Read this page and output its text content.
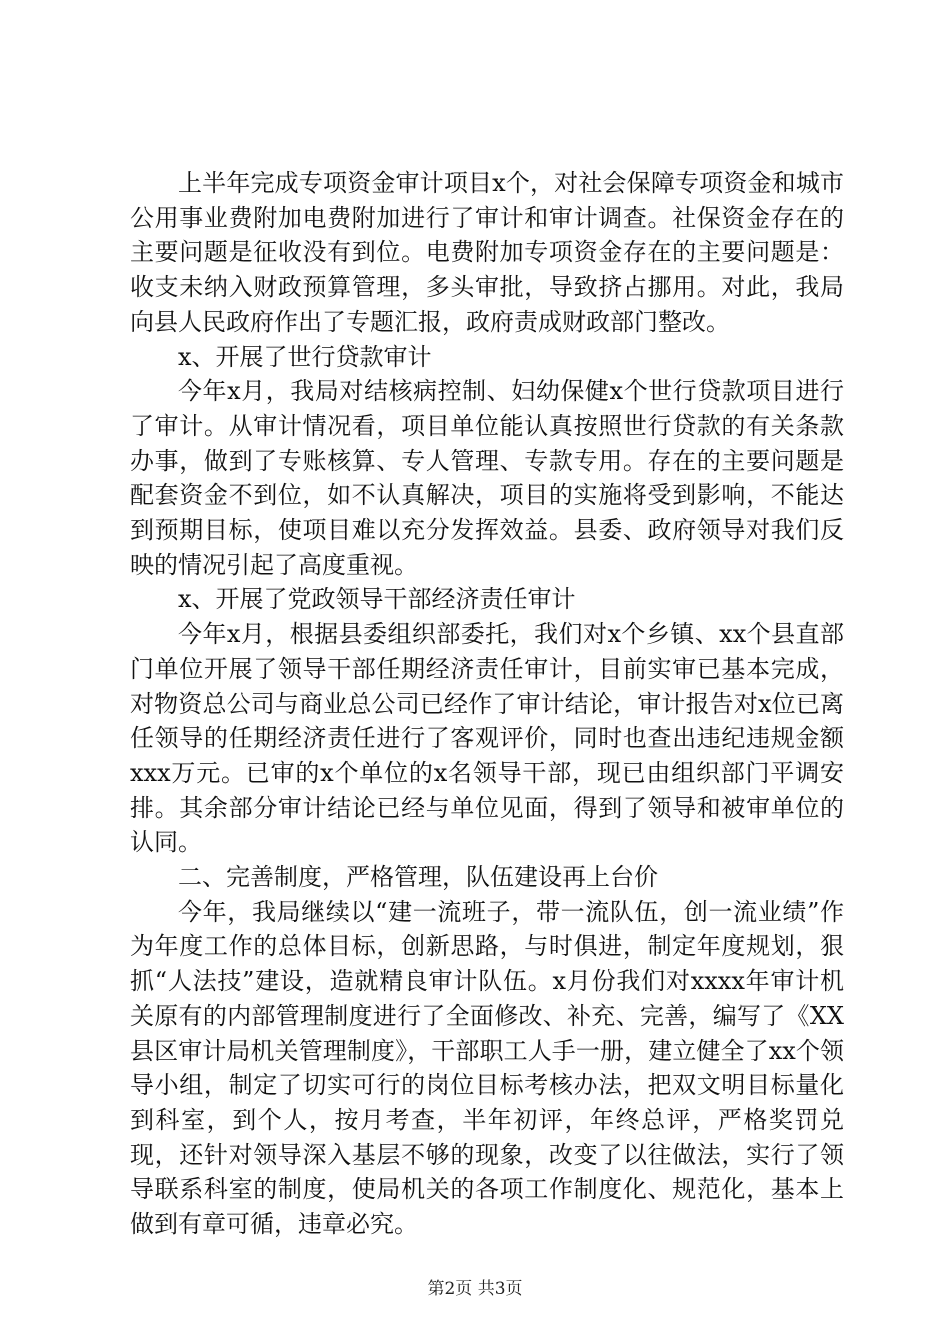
上半年完成专项资金审计项目x个，对社会保障专项资金和城市公用事业费附加电费附加进行了审计和审计调查。社保资金存在的主要问题是征收没有到位。电费附加专项资金存在的主要问题是：收支未纳入财政预算管理，多头审批，导致挤占挪用。对此，我局向县人民政府作出了专题汇报，政府责成财政部门整改。

x、开展了世行贷款审计

今年x月，我局对结核病控制、妇幼保健x个世行贷款项目进行了审计。从审计情况看，项目单位能认真按照世行贷款的有关条款办事，做到了专账核算、专人管理、专款专用。存在的主要问题是配套资金不到位，如不认真解决，项目的实施将受到影响，不能达到预期目标，使项目难以充分发挥效益。县委、政府领导对我们反映的情况引起了高度重视。

x、开展了党政领导干部经济责任审计

今年x月，根据县委组织部委托，我们对x个乡镇、xx个县直部门单位开展了领导干部任期经济责任审计，目前实审已基本完成，对物资总公司与商业总公司已经作了审计结论，审计报告对x位已离任领导的任期经济责任进行了客观评价，同时也查出违纪违规金额xxx万元。已审的x个单位的x名领导干部，现已由组织部门平调安排。其余部分审计结论已经与单位见面，得到了领导和被审单位的认同。

二、完善制度，严格管理，队伍建设再上台价

今年，我局继续以“建一流班子，带一流队伍，创一流业绩”作为年度工作的总体目标，创新思路，与时俱进，制定年度规划，狠抓“人法技”建设，造就精良审计队伍。x月份我们对xxxx年审计机关原有的内部管理制度进行了全面修改、补充、完善，编写了《XX县区审计局机关管理制度》，干部职工人手一册，建立健全了xx个领导小组，制定了切实可行的岗位目标考核办法，把双文明目标量化到科室，到个人，按月考查，半年初评，年终总评，严格奖罚兑现，还针对领导深入基层不够的现象，改变了以往做法，实行了领导联系科室的制度，使局机关的各项工作制度化、规范化，基本上做到有章可循，违章必究。

第2页 共3页
